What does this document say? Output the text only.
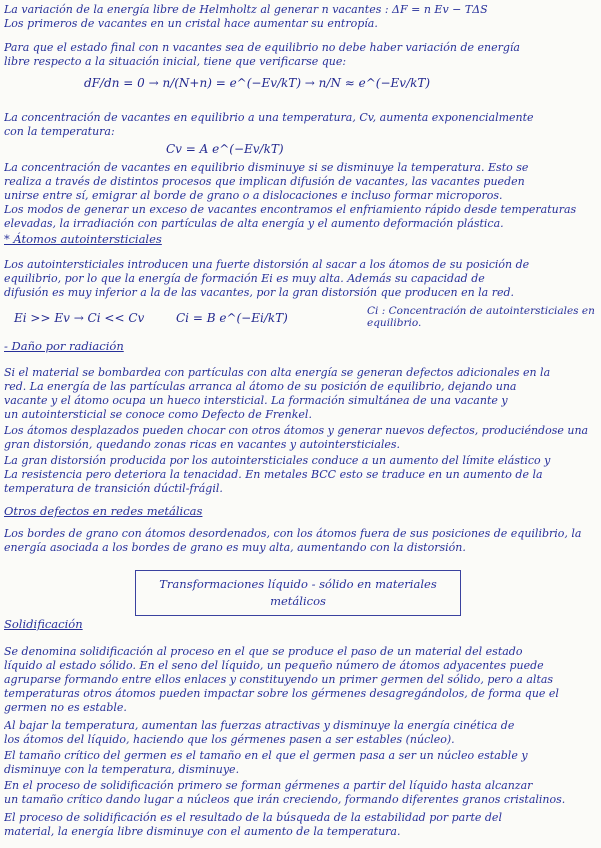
La variación de la energía libre de Helmholtz al generar n vacantes : ΔF = n Ev − TΔS
Los primeros de vacantes en un cristal hace aumentar su entropía.
Para que el estado final con n vacantes sea de equilibrio no debe haber variación de energía
libre respecto a la situación inicial, tiene que verificarse que:
dF/dn = 0 → n/(N+n) = e^(−Ev/kT) → n/N ≈ e^(−Ev/kT)
La concentración de vacantes en equilibrio a una temperatura, Cv, aumenta exponencialmente
con la temperatura:
Cv = A e^(−Ev/kT)
La concentración de vacantes en equilibrio disminuye si se disminuye la temperatura. Esto se
realiza a través de distintos procesos que implican difusión de vacantes, las vacantes pueden
unirse entre sí, emigrar al borde de grano o a dislocaciones e incluso formar microporos.
Los modos de generar un exceso de vacantes encontramos el enfriamiento rápido desde temperaturas
elevadas, la irradiación con partículas de alta energía y el aumento deformación plástica.
* Átomos autointersticiales
Los autointersticiales introducen una fuerte distorsión al sacar a los átomos de su posición de
equilibrio, por lo que la energía de formación Ei es muy alta. Además su capacidad de
difusión es muy inferior a la de las vacantes, por la gran distorsión que producen en la red.
Ei >> Ev → Ci << Cv	Ci = B e^(−Ei/kT)	Ci : Concentración de autointersticiales en equilibrio.
- Daño por radiación
Si el material se bombardea con partículas con alta energía se generan defectos adicionales en la
red. La energía de las partículas arranca al átomo de su posición de equilibrio, dejando una
vacante y el átomo ocupa un hueco intersticial. La formación simultánea de una vacante y
un autointersticial se conoce como Defecto de Frenkel.
Los átomos desplazados pueden chocar con otros átomos y generar nuevos defectos, produciéndose una
gran distorsión, quedando zonas ricas en vacantes y autointersticiales.
La gran distorsión producida por los autointersticiales conduce a un aumento del límite elástico y
La resistencia pero deteriora la tenacidad. En metales BCC esto se traduce en un aumento de la
temperatura de transición dúctil-frágil.
Otros defectos en redes metálicas
Los bordes de grano con átomos desordenados, con los átomos fuera de sus posiciones de equilibrio, la
energía asociada a los bordes de grano es muy alta, aumentando con la distorsión.
Transformaciones líquido - sólido en materiales metálicos
Solidificación
Se denomina solidificación al proceso en el que se produce el paso de un material del estado
líquido al estado sólido. En el seno del líquido, un pequeño número de átomos adyacentes puede
agruparse formando entre ellos enlaces y constituyendo un primer germen del sólido, pero a altas
temperaturas otros átomos pueden impactar sobre los gérmenes desagregándolos, de forma que el
germen no es estable.
Al bajar la temperatura, aumentan las fuerzas atractivas y disminuye la energía cinética de
los átomos del líquido, haciendo que los gérmenes pasen a ser estables (núcleo).
El tamaño crítico del germen es el tamaño en el que el germen pasa a ser un núcleo estable y
disminuye con la temperatura, disminuye.
En el proceso de solidificación primero se forman gérmenes a partir del líquido hasta alcanzar
un tamaño crítico dando lugar a núcleos que irán creciendo, formando diferentes granos cristalinos.
El proceso de solidificación es el resultado de la búsqueda de la estabilidad por parte del
material, la energía libre disminuye con el aumento de la temperatura.
